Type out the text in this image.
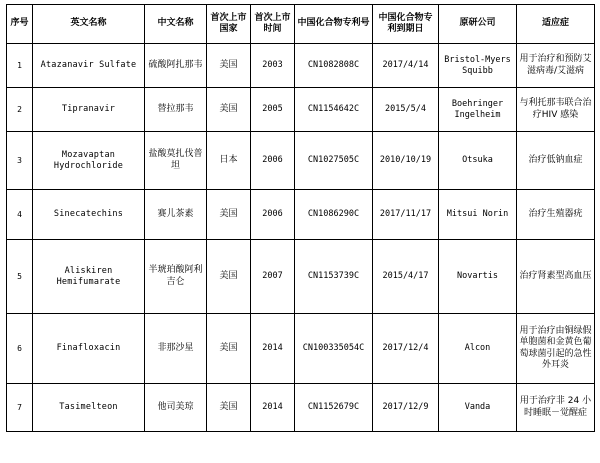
序号	英文名称	中文名称	首次上市国家	首次上市时间	中国化合物专利号	中国化合物专利到期日	原研公司	适应症
1	Atazanavir Sulfate	硫酸阿扎那韦	美国	2003	CN1082808C	2017/4/14	Bristol-Myers Squibb	用于治疗和预防艾滋病毒/艾滋病
2	Tipranavir	替拉那韦	美国	2005	CN1154642C	2015/5/4	Boehringer Ingelheim	与利托那韦联合治疗HIV 感染
3	Mozavaptan Hydrochloride	盐酸莫扎伐普坦	日本	2006	CN1027505C	2010/10/19	Otsuka	治疗低钠血症
4	Sinecatechins	赛儿茶素	美国	2006	CN1086290C	2017/11/17	Mitsui Norin	治疗生殖器疣
5	Aliskiren Hemifumarate	半琥珀酸阿利吉仑	美国	2007	CN1153739C	2015/4/17	Novartis	治疗肾素型高血压
6	Finafloxacin	非那沙星	美国	2014	CN100335054C	2017/12/4	Alcon	用于治疗由铜绿假单胞菌和金黄色葡萄球菌引起的急性外耳炎
7	Tasimelteon	他司美琼	美国	2014	CN1152679C	2017/12/9	Vanda	用于治疗非 24 小时睡眠－觉醒症
